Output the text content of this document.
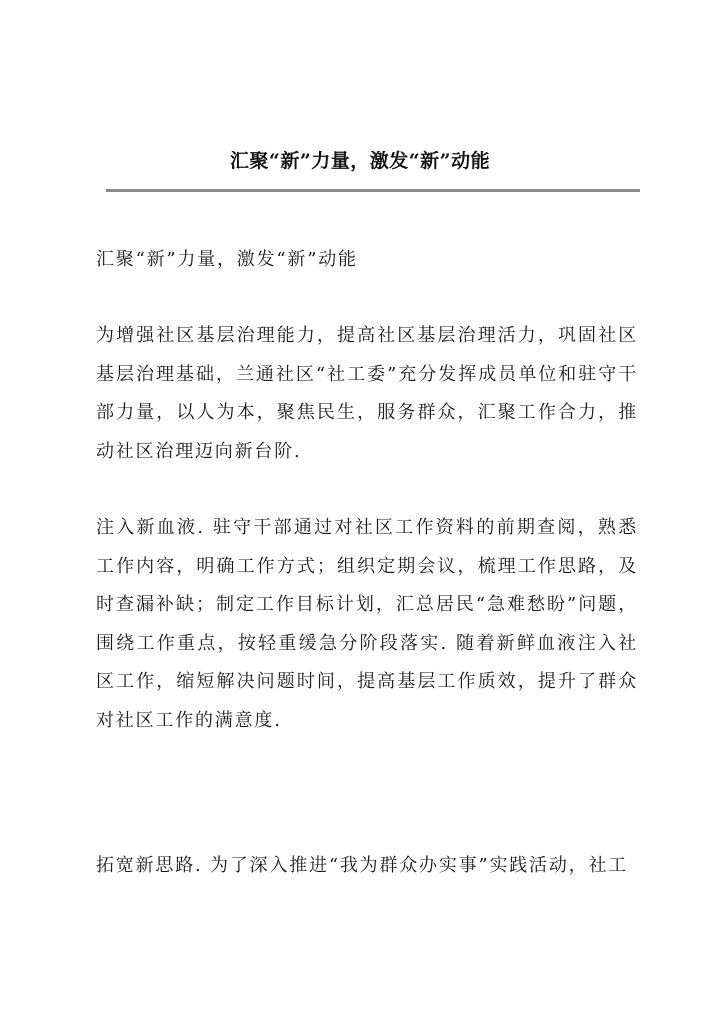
汇聚“新”力量，激发“新”动能

汇聚“新”力量，激发“新”动能

为增强社区基层治理能力，提高社区基层治理活力，巩固社区基层治理基础，兰通社区“社工委”充分发挥成员单位和驻守干部力量，以人为本，聚焦民生，服务群众，汇聚工作合力，推动社区治理迈向新台阶.

注入新血液. 驻守干部通过对社区工作资料的前期查阅，熟悉工作内容，明确工作方式；组织定期会议，梳理工作思路，及时查漏补缺；制定工作目标计划，汇总居民“急难愁盼”问题，围绕工作重点，按轻重缓急分阶段落实. 随着新鲜血液注入社区工作，缩短解决问题时间，提高基层工作质效，提升了群众对社区工作的满意度.

拓宽新思路. 为了深入推进“我为群众办实事”实践活动，社工
